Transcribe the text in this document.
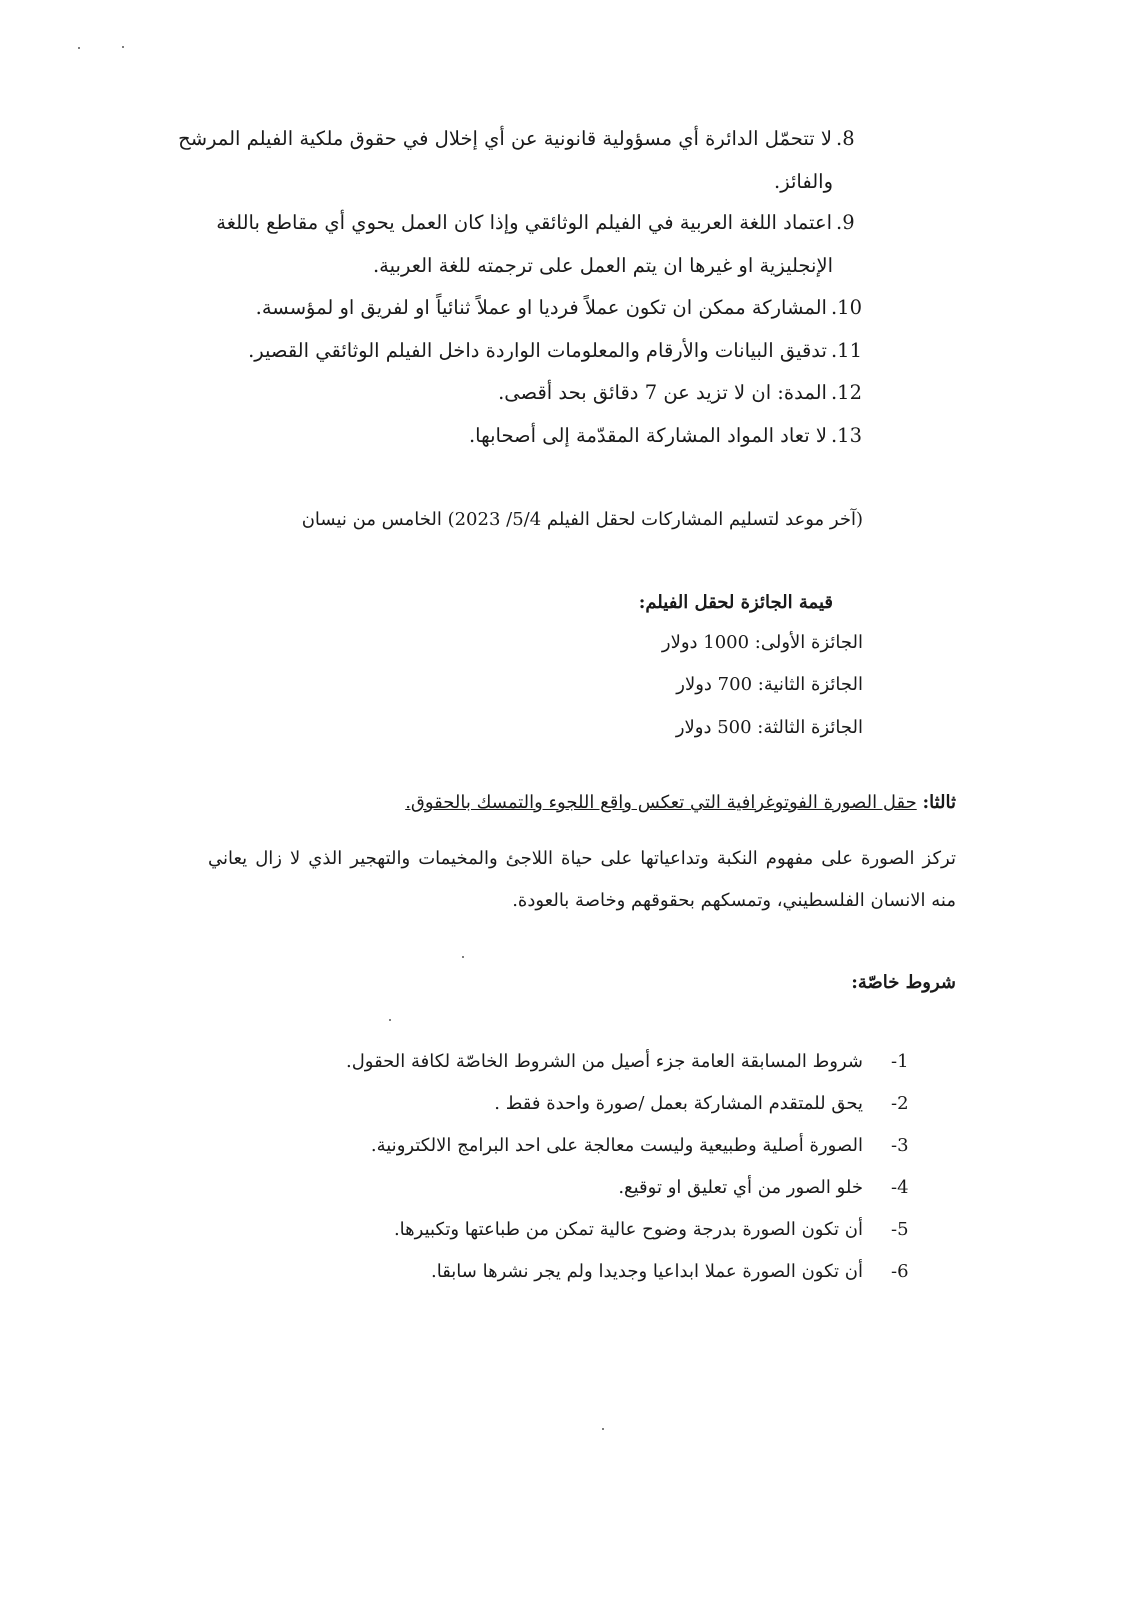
8.لا تتحمّل الدائرة أي مسؤولية قانونية عن أي إخلال في حقوق ملكية الفيلم المرشح
والفائز.
9.اعتماد اللغة العربية في الفيلم الوثائقي وإذا كان العمل يحوي أي مقاطع باللغة
الإنجليزية او غيرها ان يتم العمل على ترجمته للغة العربية.
10.المشاركة ممكن ان تكون عملاً فرديا او عملاً ثنائياً او لفريق او لمؤسسة.
11.تدقيق البيانات والأرقام والمعلومات الواردة داخل الفيلم الوثائقي القصير.
12.المدة: ان لا تزيد عن 7 دقائق بحد أقصى.
13.لا تعاد المواد المشاركة المقدّمة إلى أصحابها.
(آخر موعد لتسليم المشاركات لحقل الفيلم 5/4/ 2023) الخامس من نيسان
قيمة الجائزة لحقل الفيلم:
الجائزة الأولى: 1000 دولار
الجائزة الثانية: 700 دولار
الجائزة الثالثة: 500 دولار
ثالثا: حقل الصورة الفوتوغرافية التي تعكس واقع اللجوء والتمسك بالحقوق.
تركز الصورة على مفهوم النكبة وتداعياتها على حياة اللاجئ والمخيمات والتهجير الذي لا زال يعاني
منه الانسان الفلسطيني، وتمسكهم بحقوقهم وخاصة بالعودة.
شروط خاصّة:
-1
شروط المسابقة العامة جزء أصيل من الشروط الخاصّة لكافة الحقول.
-2
يحق للمتقدم المشاركة بعمل /صورة واحدة فقط .
-3
الصورة أصلية وطبيعية وليست معالجة على احد البرامج الالكترونية.
-4
خلو الصور من أي تعليق او توقيع.
-5
أن تكون الصورة بدرجة وضوح عالية تمكن من طباعتها وتكبيرها.
-6
أن تكون الصورة عملا ابداعيا وجديدا ولم يجر نشرها سابقا.
